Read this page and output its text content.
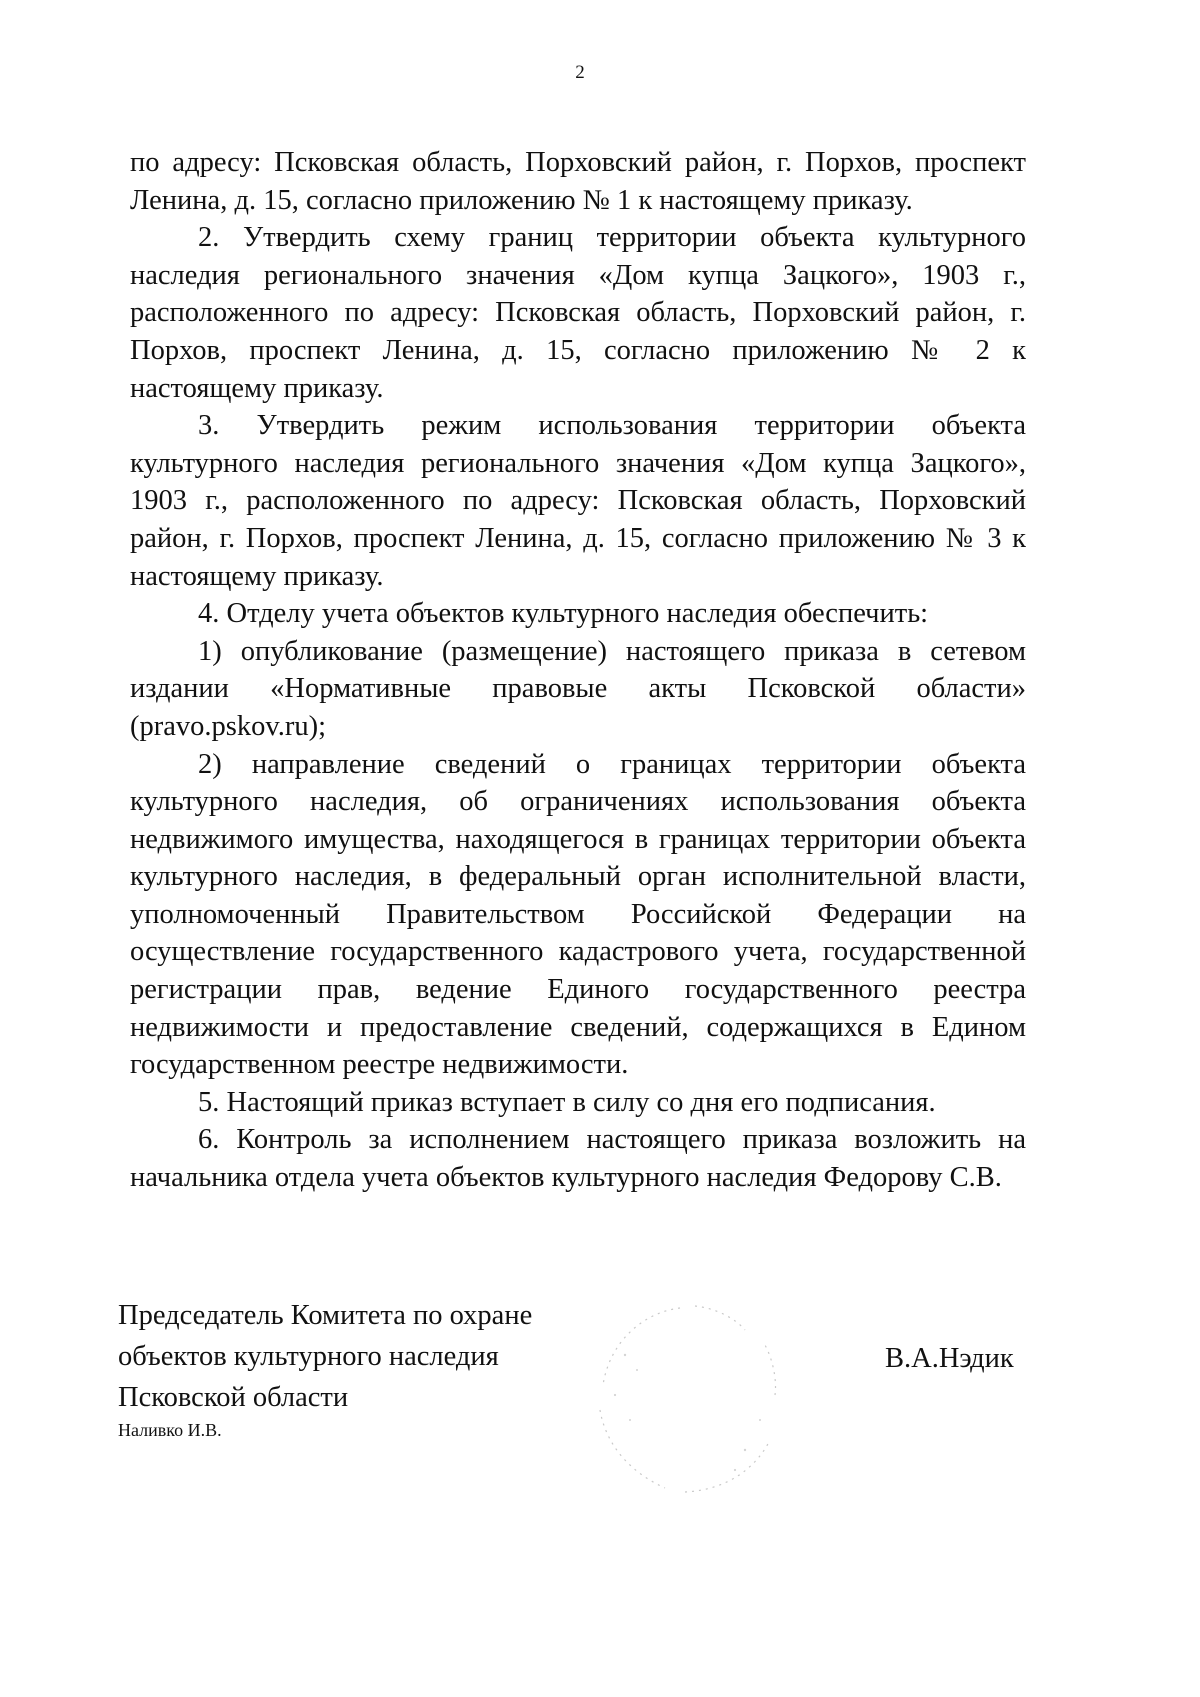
2

по адресу: Псковская область, Порховский район, г. Порхов, проспект Ленина, д. 15, согласно приложению № 1 к настоящему приказу.

2. Утвердить схему границ территории объекта культурного наследия регионального значения «Дом купца Зацкого», 1903 г., расположенного по адресу: Псковская область, Порховский район, г. Порхов, проспект Ленина, д. 15, согласно приложению № 2 к настоящему приказу.

3. Утвердить режим использования территории объекта культурного наследия регионального значения «Дом купца Зацкого», 1903 г., расположенного по адресу: Псковская область, Порховский район, г. Порхов, проспект Ленина, д. 15, согласно приложению № 3 к настоящему приказу.

4. Отделу учета объектов культурного наследия обеспечить:

1) опубликование (размещение) настоящего приказа в сетевом издании «Нормативные правовые акты Псковской области» (pravo.pskov.ru);

2) направление сведений о границах территории объекта культурного наследия, об ограничениях использования объекта недвижимого имущества, находящегося в границах территории объекта культурного наследия, в федеральный орган исполнительной власти, уполномоченный Правительством Российской Федерации на осуществление государственного кадастрового учета, государственной регистрации прав, ведение Единого государственного реестра недвижимости и предоставление сведений, содержащихся в Едином государственном реестре недвижимости.

5. Настоящий приказ вступает в силу со дня его подписания.

6. Контроль за исполнением настоящего приказа возложить на начальника отдела учета объектов культурного наследия Федорову С.В.

Председатель Комитета по охране
объектов культурного наследия
Псковской области
Наливко И.В.
В.А.Нэдик
